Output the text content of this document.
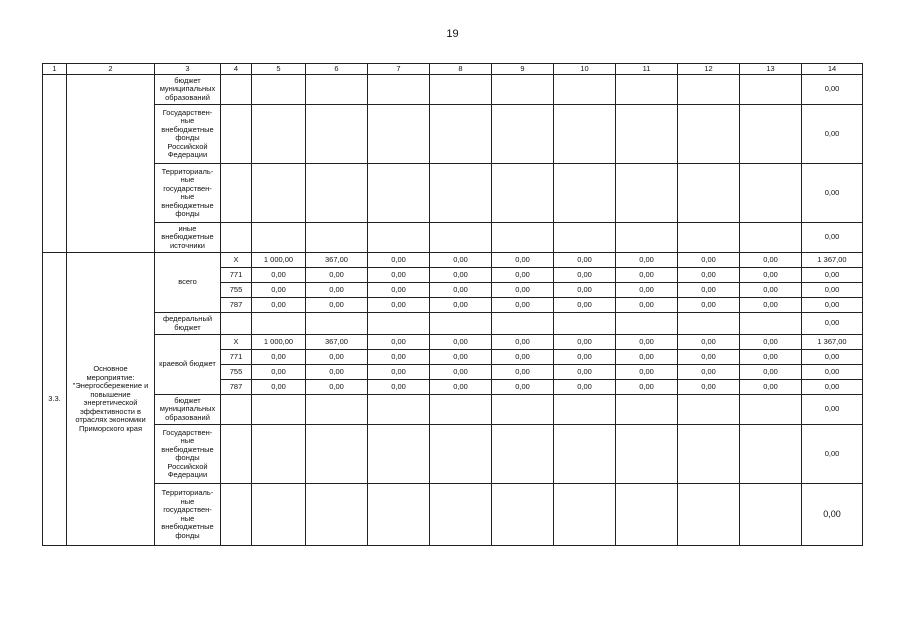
19
1	2	3	4	5	6	7	8	9	10	11	12	13	14
		бюджет муниципальных образований											0,00
		Государствен-ные внебюджетные фонды Российской Федерации											0,00
		Территориаль-ные государствен-ные внебюджетные фонды											0,00
		иные внебюджетные источники											0,00
3.3.	Основное мероприятие: "Энергосбережение и повышение энергетической эффективности в отраслях экономики Приморского края	всего	X	1 000,00	367,00	0,00	0,00	0,00	0,00	0,00	0,00	0,00	1 367,00
			771	0,00	0,00	0,00	0,00	0,00	0,00	0,00	0,00	0,00	0,00
			755	0,00	0,00	0,00	0,00	0,00	0,00	0,00	0,00	0,00	0,00
			787	0,00	0,00	0,00	0,00	0,00	0,00	0,00	0,00	0,00	0,00
		федеральный бюджет											0,00
		краевой бюджет	X	1 000,00	367,00	0,00	0,00	0,00	0,00	0,00	0,00	0,00	1 367,00
			771	0,00	0,00	0,00	0,00	0,00	0,00	0,00	0,00	0,00	0,00
			755	0,00	0,00	0,00	0,00	0,00	0,00	0,00	0,00	0,00	0,00
			787	0,00	0,00	0,00	0,00	0,00	0,00	0,00	0,00	0,00	0,00
		бюджет муниципальных образований											0,00
		Государствен-ные внебюджетные фонды Российской Федерации											0,00
		Территориаль-ные государствен-ные внебюджетные фонды											0,00
